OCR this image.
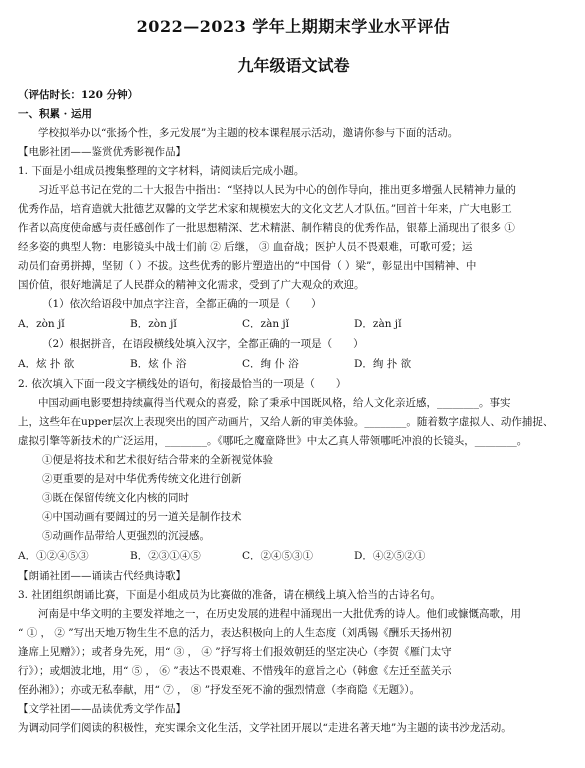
2022—2023 学年上期期末学业水平评估
九年级语文试卷
（评估时长：120 分钟）
一、积累 · 运用
学校拟举办以“张扬个性，多元发展”为主题的校本课程展示活动，邀请你参与下面的活动。
【电影社团——鉴赏优秀影视作品】
1. 下面是小组成员搜集整理的文字材料，请阅读后完成小题。
习近平总书记在党的二十大报告中指出：“坚持以人民为中心的创作导向，推出更多增强人民精神力量的
优秀作品，培育造就大批德艺双馨的文学艺术家和规模宏大的文化文艺人才队伍。”回首十年来，广大电影工
作者以高度使命感与责任感创作了一批思想精深、艺术精湛、制作精良的优秀作品，银幕上涌现出了很多 ①
经多姿的典型人物：电影镜头中战士们前 ② 后继， ③ 血奋战；医护人员不畏艰难，可歌可爱；运
动员们奋勇拼搏，坚韧（ ）不拔。这些优秀的影片塑造出的“中国骨（ ）梁”，彰显出中国精神、中
国价值，很好地满足了人民群众的精神文化需求，受到了广大观众的欢迎。
（1）依次给语段中加点字注音，全都正确的一项是（　　）
A．zòn jǐ	B．zòn jǐ	C．zàn jǐ	D．zàn jǐ
（2）根据拼音，在语段横线处填入汉字，全都正确的一项是（　　）
A．炫 扑 欲	B．炫 仆 浴	C．绚 仆 浴	D．绚 扑 欲
2. 依次填入下面一段文字横线处的语句，衔接最恰当的一项是（　　）
中国动画电影要想持续赢得当代观众的喜爱，除了秉承中国既风格，给人文化亲近感，________。事实
上，这些年在upper层次上表现突出的国产动画片，又给人新的审美体验。________。随着数字虚拟人、动作捕捉、
虚拟引擎等新技术的广泛运用，________。《哪吒之魔童降世》中太乙真人带领哪吒冲浪的长镜头，________。
①便是将技术和艺术很好结合带来的全新视觉体验
②更重要的是对中华优秀传统文化进行创新
③既在保留传统文化内核的同时
④中国动画有要阔过的另一道关是制作技术
⑤动画作品带给人更强烈的沉浸感。
A．①②④⑤③	B．②③①④⑤	C．②④⑤③①	D．④②⑤②①
【朗诵社团——诵读古代经典诗歌】
3. 社团组织朗诵比赛，下面是小组成员为比赛做的准备，请在横线上填入恰当的古诗名句。
河南是中华文明的主要发祥地之一，在历史发展的进程中涌现出一大批优秀的诗人。他们或慷慨高歌，用
“ ① ， ② ”写出天地万物生生不息的活力，表达积极向上的人生态度（刘禹锡《酬乐天扬州初
逢席上见赠》）；或者身先死，用“ ③ ， ④ ”抒写将士们报效朝廷的坚定决心（李贺《雁门太守
行》）；或烟波北地，用“ ⑤ ， ⑥ ”表达不畏艰难、不惜残年的意旨之心（韩愈《左迁至蓝关示
侄孙湘》）；亦或无私奉献，用“ ⑦ ， ⑧ ”抒发至死不渝的强烈情意（李商隐《无题》）。
【文学社团——品读优秀文学作品】
为调动同学们阅读的积极性，充实课余文化生活，文学社团开展以“走进名著天地”为主题的读书沙龙活动。
